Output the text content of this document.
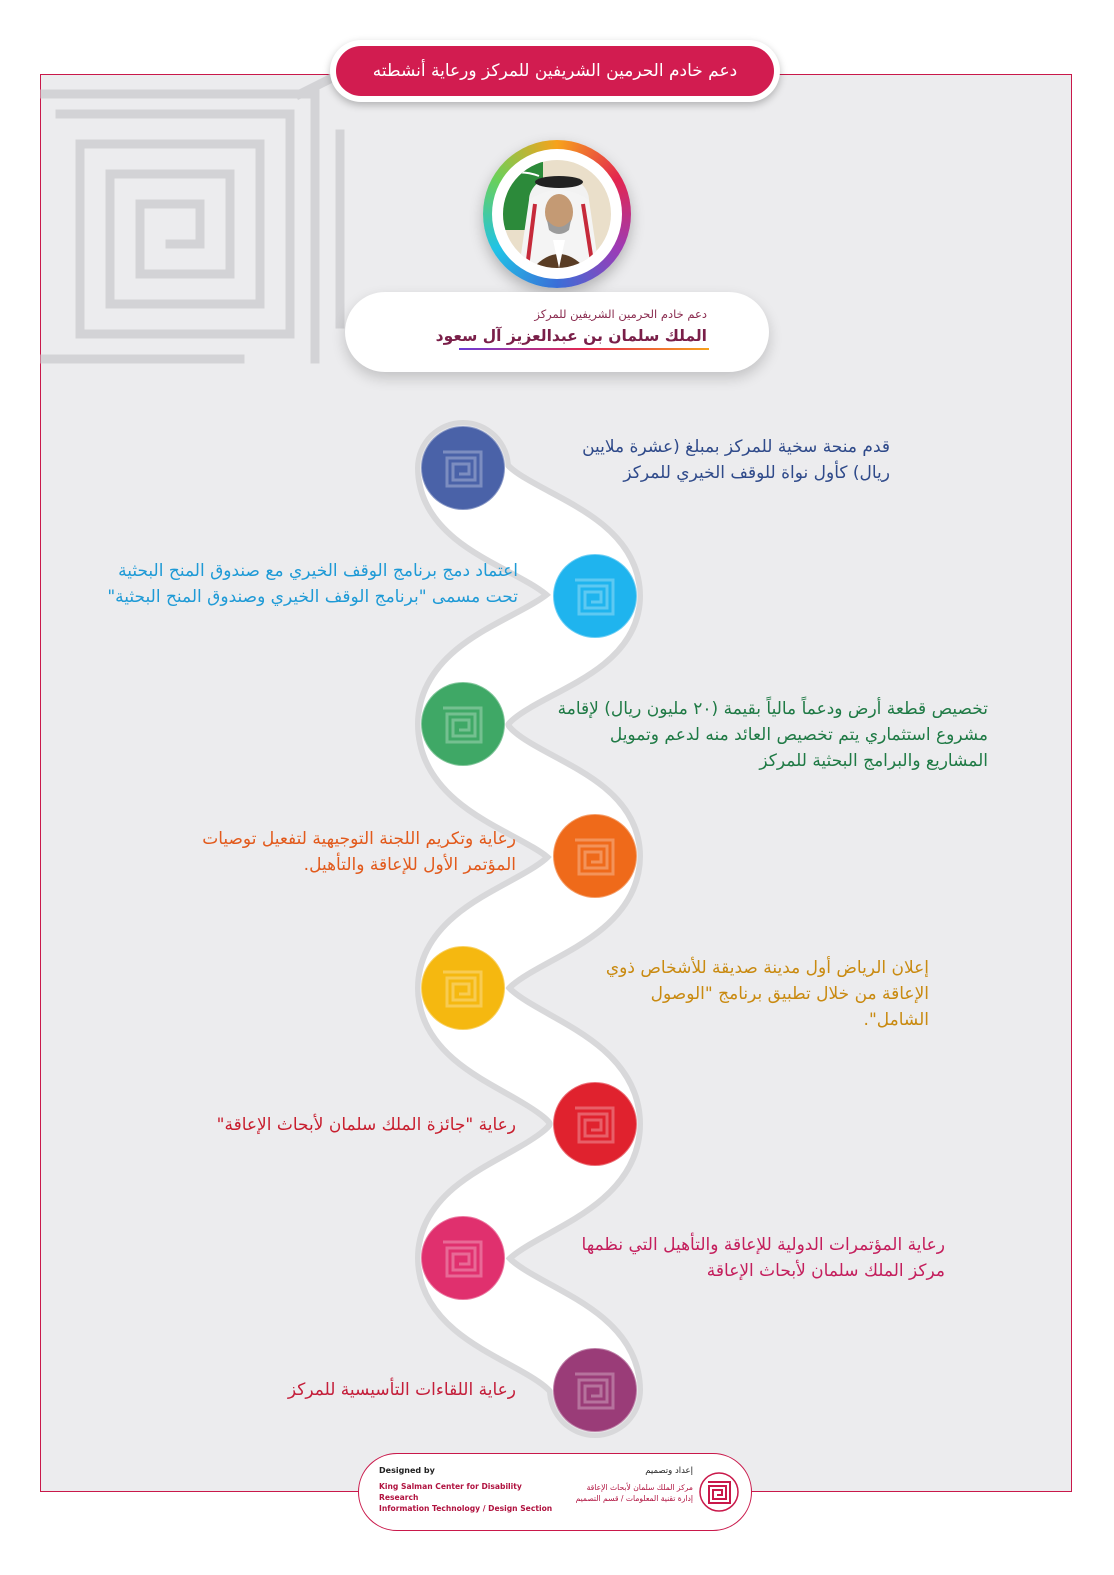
دعم خادم الحرمين الشريفين للمركز ورعاية أنشطته
دعم خادم الحرمين الشريفين للمركز
الملك سلمان بن عبدالعزيز آل سعود
قدم منحة سخية للمركز بمبلغ (عشرة ملايين ريال) كأول نواة للوقف الخيري للمركز
اعتماد دمج برنامج الوقف الخيري مع صندوق المنح البحثية تحت مسمى "برنامج الوقف الخيري وصندوق المنح البحثية"
تخصيص قطعة أرض ودعماً مالياً بقيمة (٢٠ مليون ريال) لإقامة مشروع استثماري يتم تخصيص العائد منه لدعم وتمويل المشاريع والبرامج البحثية للمركز
رعاية وتكريم اللجنة التوجيهية لتفعيل توصيات المؤتمر الأول للإعاقة والتأهيل.
إعلان الرياض أول مدينة صديقة للأشخاص ذوي الإعاقة من خلال تطبيق برنامج "الوصول الشامل".
رعاية "جائزة الملك سلمان لأبحاث الإعاقة"
رعاية المؤتمرات الدولية للإعاقة والتأهيل التي نظمها مركز الملك سلمان لأبحاث الإعاقة
رعاية اللقاءات التأسيسية للمركز
Designed by
King Salman Center for Disability Research
Information Technology / Design Section
إعداد وتصميم
مركز الملك سلمان لأبحاث الإعاقة
إدارة تقنية المعلومات / قسم التصميم
